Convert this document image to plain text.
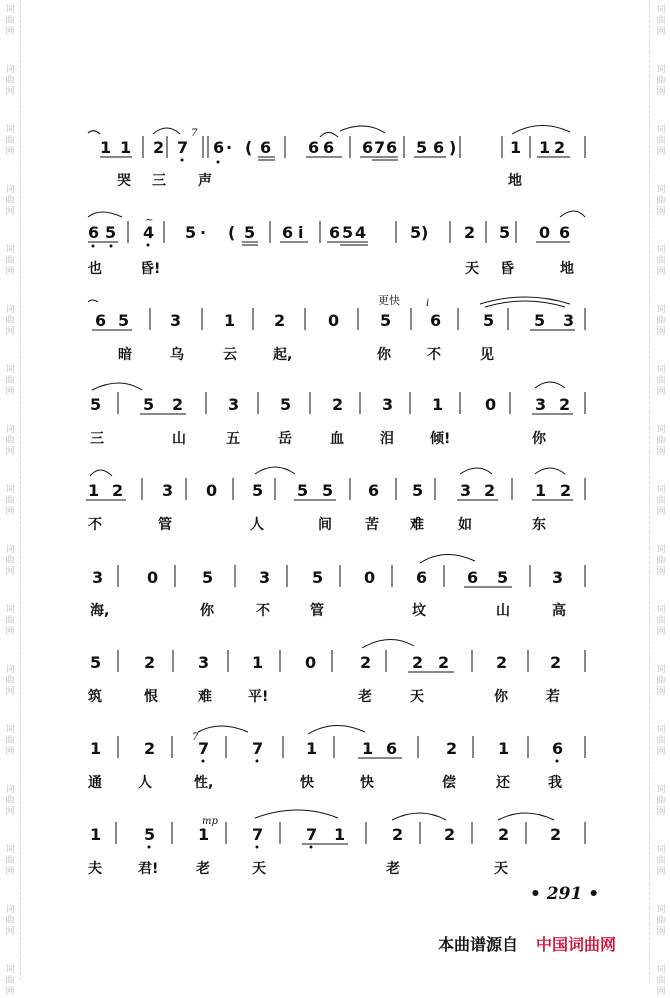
词曲网
词曲网
词曲网
词曲网
词曲网
词曲网
词曲网
词曲网
词曲网
词曲网
词曲网
词曲网
词曲网
词曲网
词曲网
词曲网
词曲网
词曲网
词曲网
词曲网
词曲网
词曲网
词曲网
词曲网
词曲网
词曲网
词曲网
词曲网
词曲网
词曲网
词曲网
词曲网
词曲网
词曲网
1 1 2 7
7
6 · ( 6 6 6 6 7 6 5 6 )	1 1 2
哭 三 声	地
6 5
~
4 5 · ( 5 6 i 6 5 4	5 ) 2 5 0 6
也	昏!	天 昏	地
6 5	3	1 2	0
更快
5
i
6	5 5 3
暗	乌	云	起,	你	不	见
5	5 2	3	5	2 3 1	0 3 2
三	山	五	岳	血	泪	倾!	你
1 2 3 0 5 5 5 6 5 3 2 1 2
不	管	人	间 苦 难 如	东
3	0	5	3	5	0	6 6 5	3
海,	你	不	管	坟	山	高
5	2	3	1	0	2	2 2	2	2
筑	恨	难	平!	老	天	你	若
1	2
7
7	7	1	1 6	2	1	6
通	人	性,	快	快	偿	还	我
1	5
mp
1	7	7 1	2	2	2	2
夫	君!	老	天	老	天
• 291 •
本曲谱源自 中国词曲网
